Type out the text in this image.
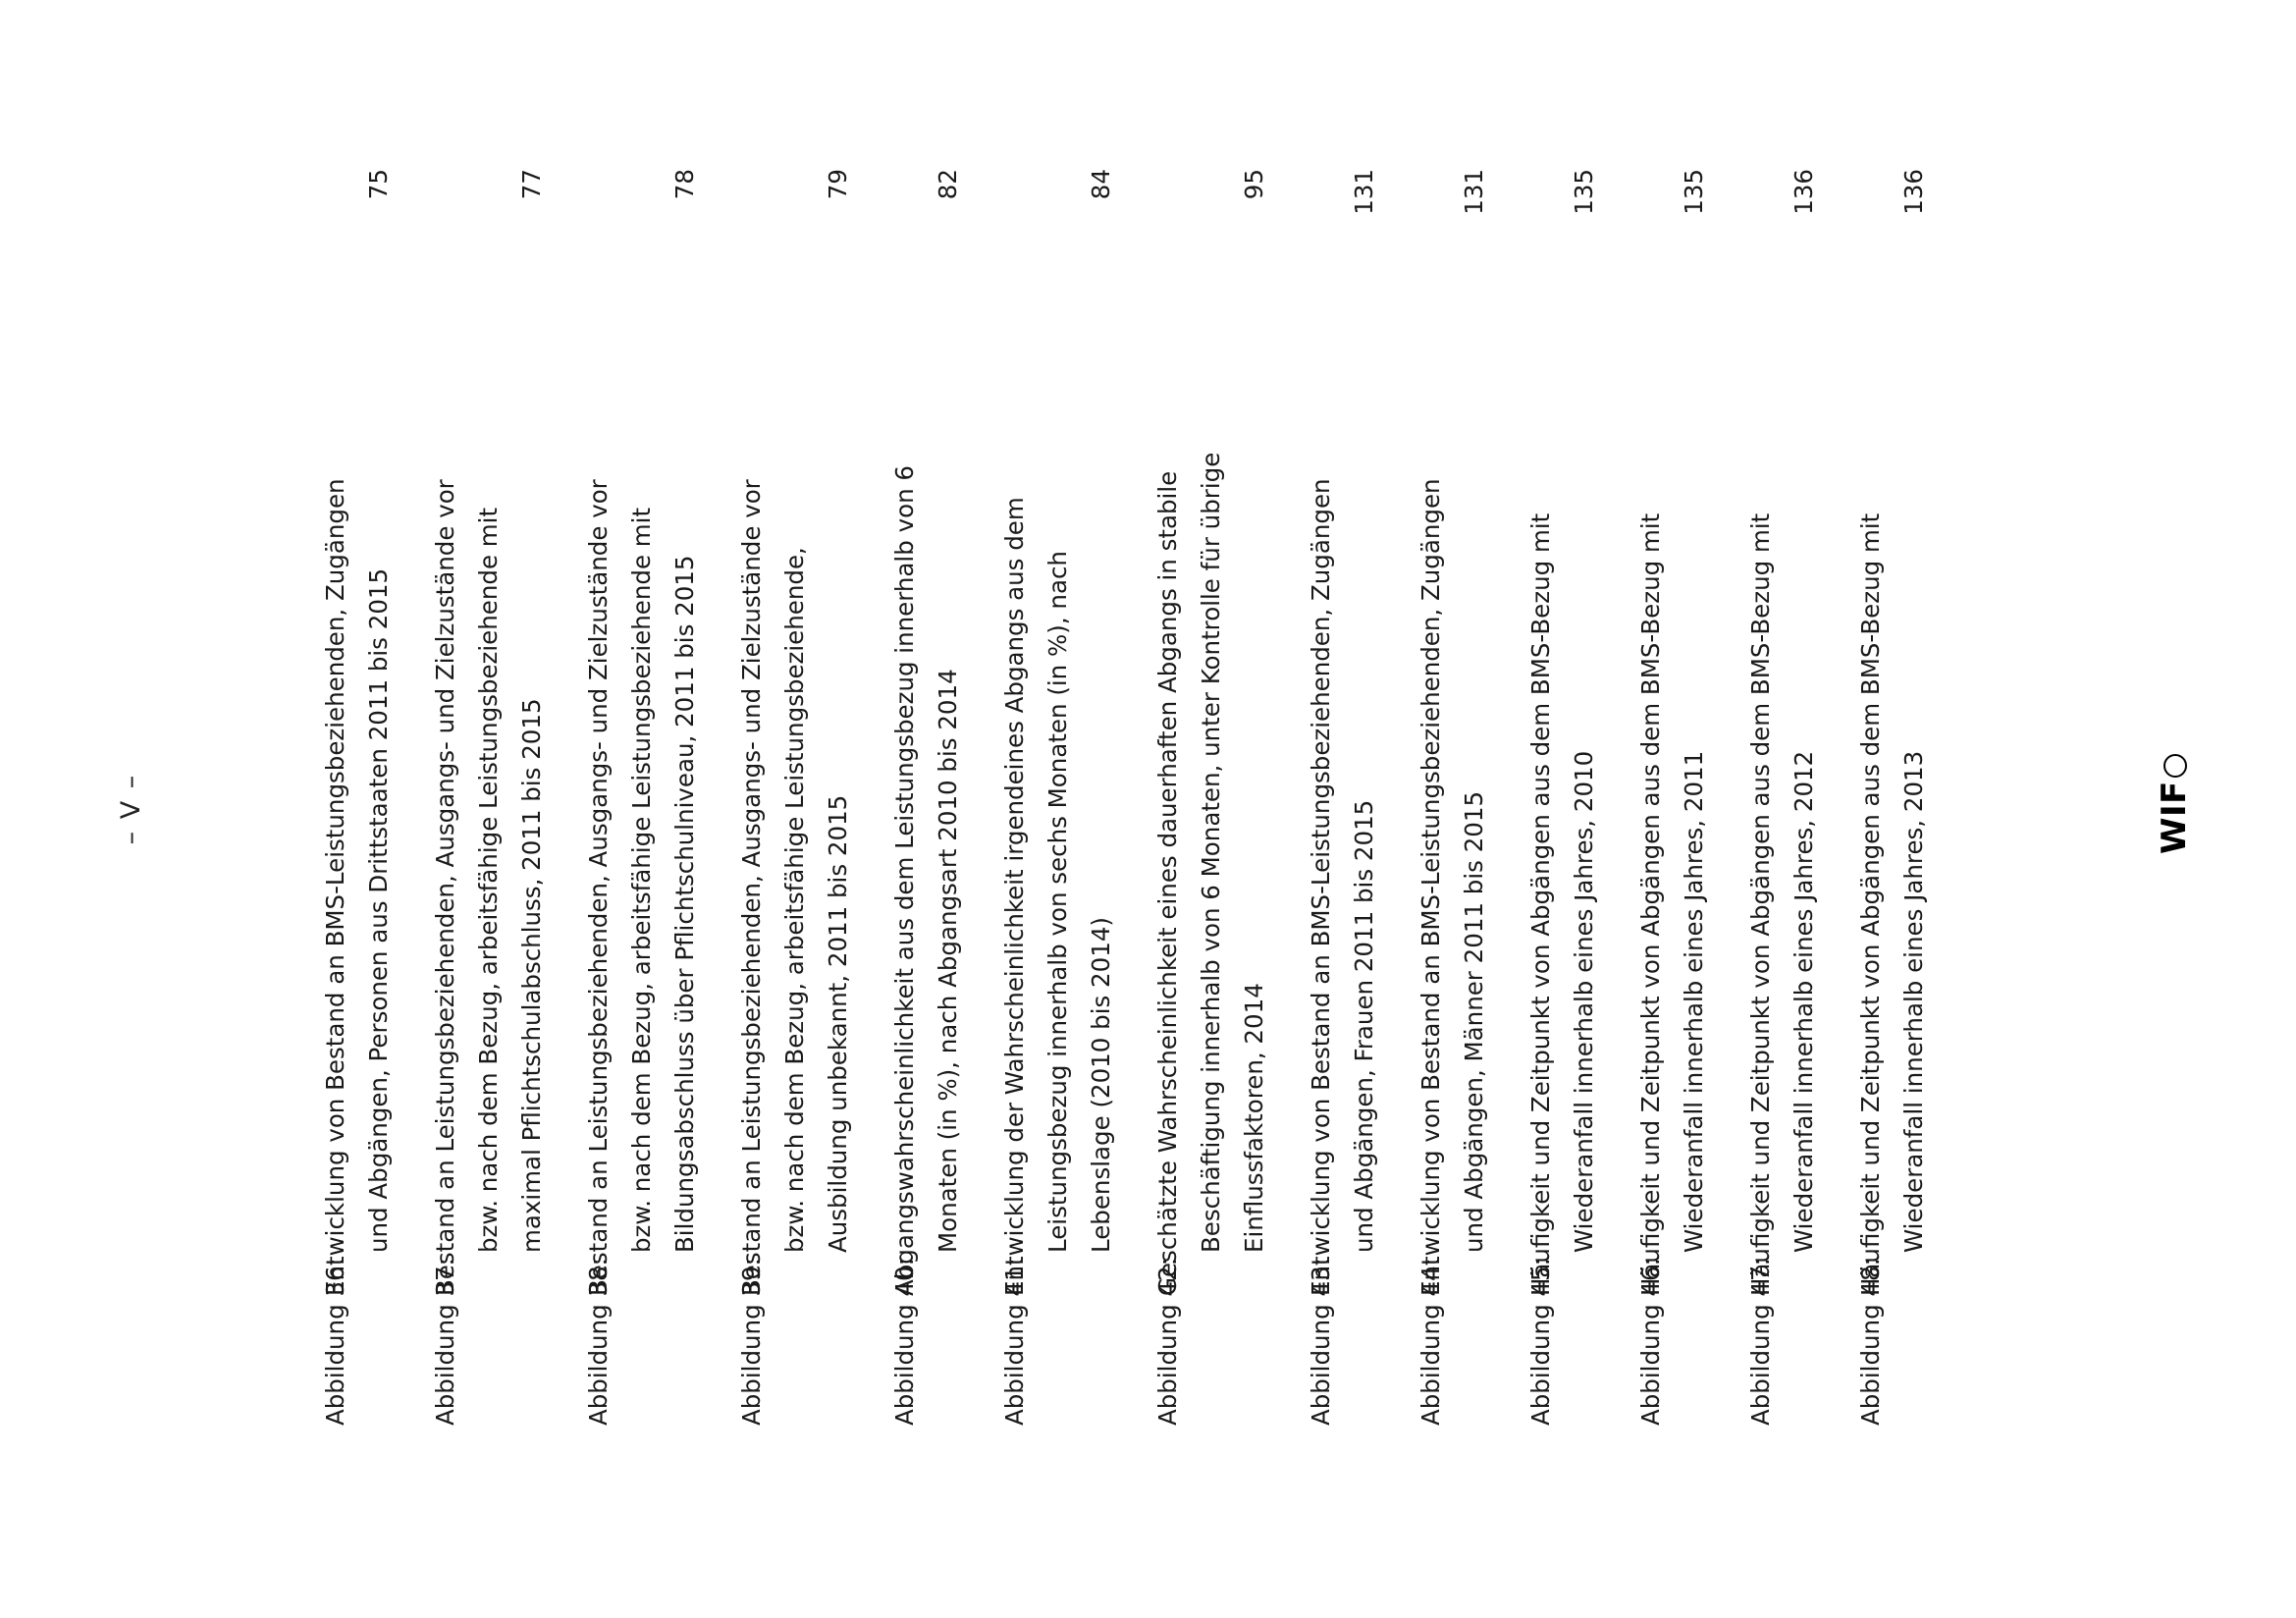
– V –
Abbildung 36:
Entwicklung von Bestand an BMS-Leistungsbeziehenden, Zugängen und Abgängen, Personen aus Drittstaaten 2011 bis 2015
75
Abbildung 37:
Bestand an Leistungsbeziehenden, Ausgangs- und Zielzustände vor bzw. nach dem Bezug, arbeitsfähige Leistungsbeziehende mit maximal Pflichtschulabschluss, 2011 bis 2015
77
Abbildung 38:
Bestand an Leistungsbeziehenden, Ausgangs- und Zielzustände vor bzw. nach dem Bezug, arbeitsfähige Leistungsbeziehende mit Bildungsabschluss über Pflichtschulniveau, 2011 bis 2015
78
Abbildung 39:
Bestand an Leistungsbeziehenden, Ausgangs- und Zielzustände vor bzw. nach dem Bezug, arbeitsfähige Leistungsbeziehende, Ausbildung unbekannt, 2011 bis 2015
79
Abbildung 40:
Abgangswahrscheinlichkeit aus dem Leistungsbezug innerhalb von 6 Monaten (in %), nach Abgangsart 2010 bis 2014
82
Abbildung 41:
Entwicklung der Wahrscheinlichkeit irgendeines Abgangs aus dem Leistungsbezug innerhalb von sechs Monaten (in %), nach Lebenslage (2010 bis 2014)
84
Abbildung 42:
Geschätzte Wahrscheinlichkeit eines dauerhaften Abgangs in stabile Beschäftigung innerhalb von 6 Monaten, unter Kontrolle für übrige Einflussfaktoren, 2014
95
Abbildung 43:
Entwicklung von Bestand an BMS-Leistungsbeziehenden, Zugängen und Abgängen, Frauen 2011 bis 2015
131
Abbildung 44:
Entwicklung von Bestand an BMS-Leistungsbeziehenden, Zugängen und Abgängen, Männer 2011 bis 2015
131
Abbildung 45:
Häufigkeit und Zeitpunkt von Abgängen aus dem BMS-Bezug mit Wiederanfall innerhalb eines Jahres, 2010
135
Abbildung 46:
Häufigkeit und Zeitpunkt von Abgängen aus dem BMS-Bezug mit Wiederanfall innerhalb eines Jahres, 2011
135
Abbildung 47:
Häufigkeit und Zeitpunkt von Abgängen aus dem BMS-Bezug mit Wiederanfall innerhalb eines Jahres, 2012
136
Abbildung 48:
Häufigkeit und Zeitpunkt von Abgängen aus dem BMS-Bezug mit Wiederanfall innerhalb eines Jahres, 2013
136
WIF
